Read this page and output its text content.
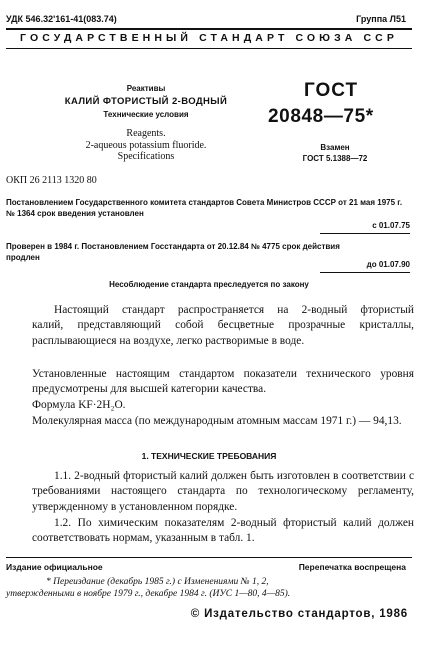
УДК 546.32'161-41(083.74)	Группа Л51
ГОСУДАРСТВЕННЫЙ СТАНДАРТ СОЮЗА ССР
Реактивы
КАЛИЙ ФТОРИСТЫЙ 2-ВОДНЫЙ
Технические условия
Reagents.
2-aqueous potassium fluoride.
Specifications
ГОСТ
20848—75*
Взамен
ГОСТ 5.1388—72
ОКП 26 2113 1320 80
Постановлением Государственного комитета стандартов Совета Министров СССР от 21 мая 1975 г. № 1364 срок введения установлен
с 01.07.75
Проверен в 1984 г. Постановлением Госстандарта от 20.12.84 № 4775 срок действия продлен
до 01.07.90
Несоблюдение стандарта преследуется по закону
Настоящий стандарт распространяется на 2-водный фтористый
калий, представляющий собой бесцветные прозрачные кристаллы,
расплывающиеся на воздухе, легко растворимые в воде.
Установленные настоящим стандартом показатели технического уровня предусмотрены для высшей категории качества.
Формула KF·2H₂O.
Молекулярная масса (по международным атомным массам 1971 г.) — 94,13.
1. ТЕХНИЧЕСКИЕ ТРЕБОВАНИЯ
1.1. 2-водный фтористый калий должен быть изготовлен в соответствии с требованиями настоящего стандарта по технологическому регламенту, утвержденному в установленном порядке.
1.2. По химическим показателям 2-водный фтористый калий должен соответствовать нормам, указанным в табл. 1.
Издание официальное	Перепечатка воспрещена
* Переиздание (декабрь 1985 г.) с Изменениями № 1, 2,
утвержденными в ноябре 1979 г., декабре 1984 г. (ИУС 1—80, 4—85).
© Издательство стандартов, 1986
